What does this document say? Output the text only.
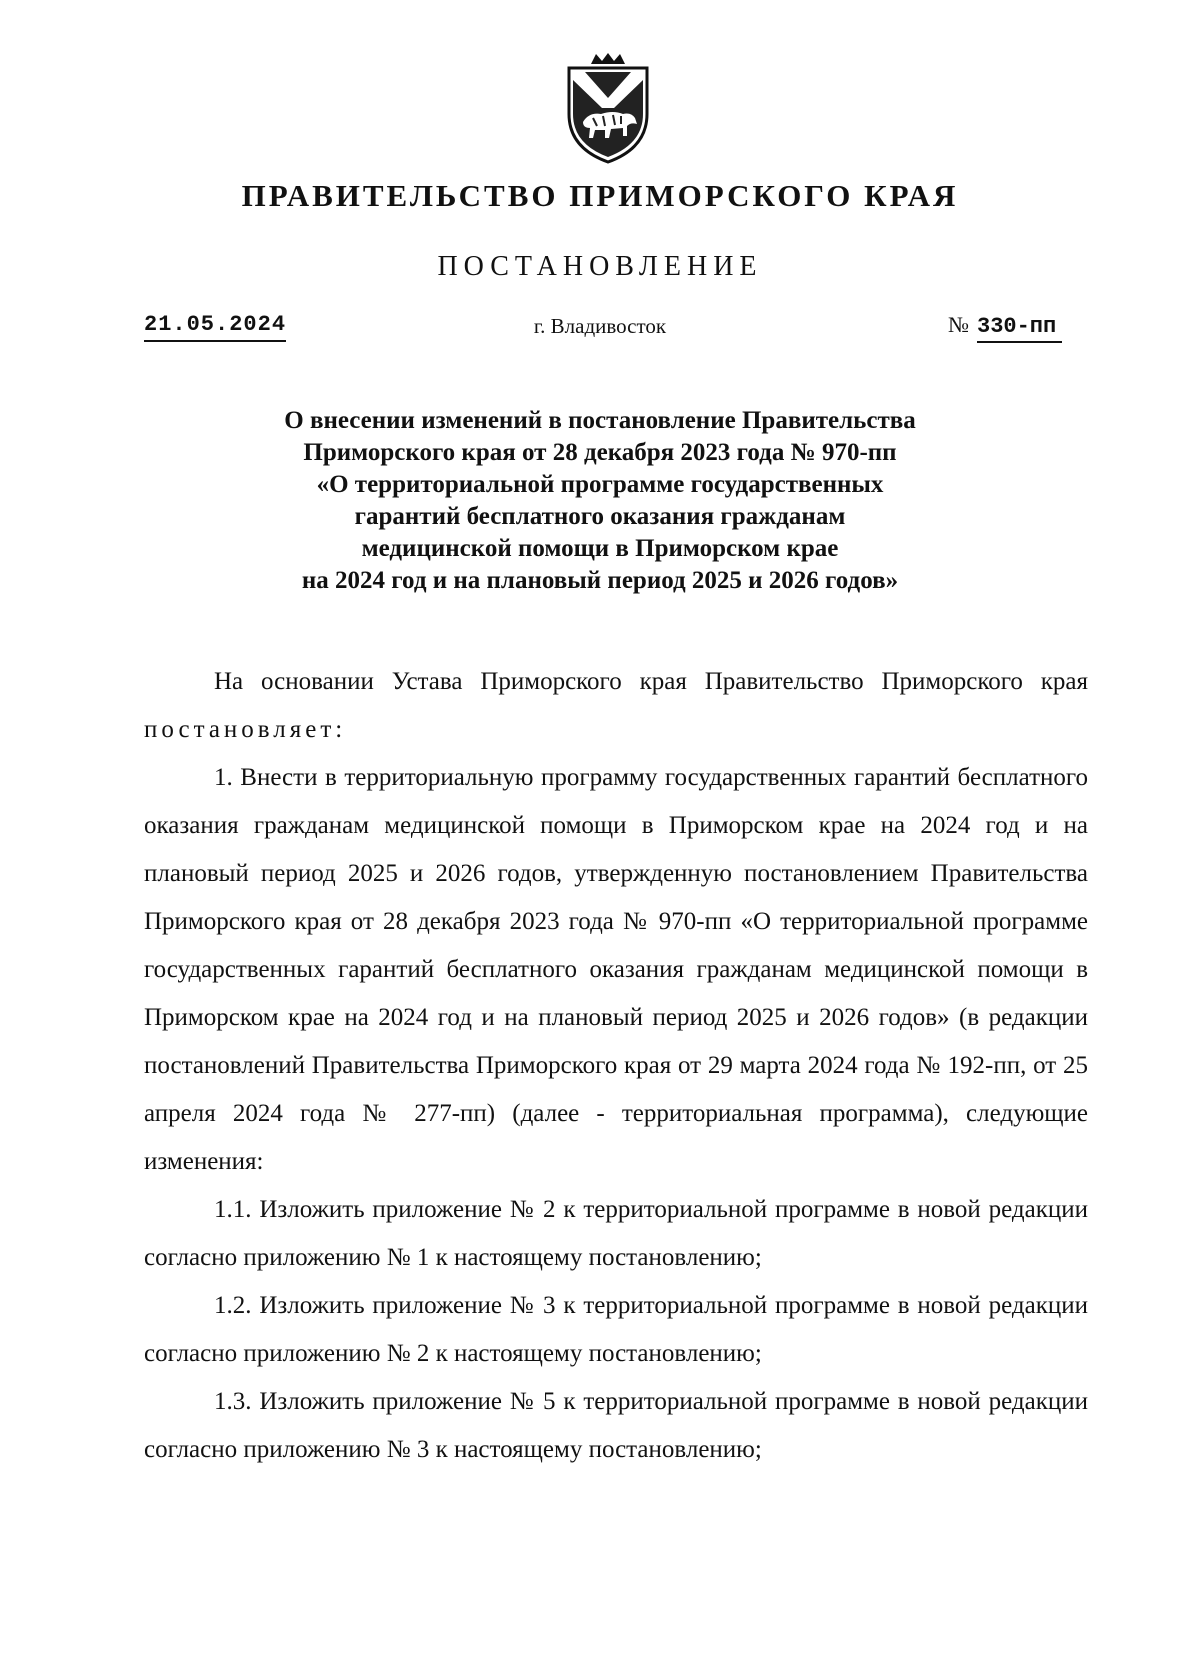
ПРАВИТЕЛЬСТВО ПРИМОРСКОГО КРАЯ
ПОСТАНОВЛЕНИЕ
21.05.2024	г. Владивосток	№ 330-пп
О внесении изменений в постановление Правительства
Приморского края от 28 декабря 2023 года № 970-пп
«О территориальной программе государственных
гарантий бесплатного оказания гражданам
медицинской помощи в Приморском крае
на 2024 год и на плановый период 2025 и 2026 годов»

На основании Устава Приморского края Правительство Приморского края постановляет:

1. Внести в территориальную программу государственных гарантий бесплатного оказания гражданам медицинской помощи в Приморском крае на 2024 год и на плановый период 2025 и 2026 годов, утвержденную постановлением Правительства Приморского края от 28 декабря 2023 года № 970-пп «О территориальной программе государственных гарантий бесплатного оказания гражданам медицинской помощи в Приморском крае на 2024 год и на плановый период 2025 и 2026 годов» (в редакции постановлений Правительства Приморского края от 29 марта 2024 года № 192-пп, от 25 апреля 2024 года № 277-пп) (далее - территориальная программа), следующие изменения:

1.1. Изложить приложение № 2 к территориальной программе в новой редакции согласно приложению № 1 к настоящему постановлению;

1.2. Изложить приложение № 3 к территориальной программе в новой редакции согласно приложению № 2 к настоящему постановлению;

1.3. Изложить приложение № 5 к территориальной программе в новой редакции согласно приложению № 3 к настоящему постановлению;
